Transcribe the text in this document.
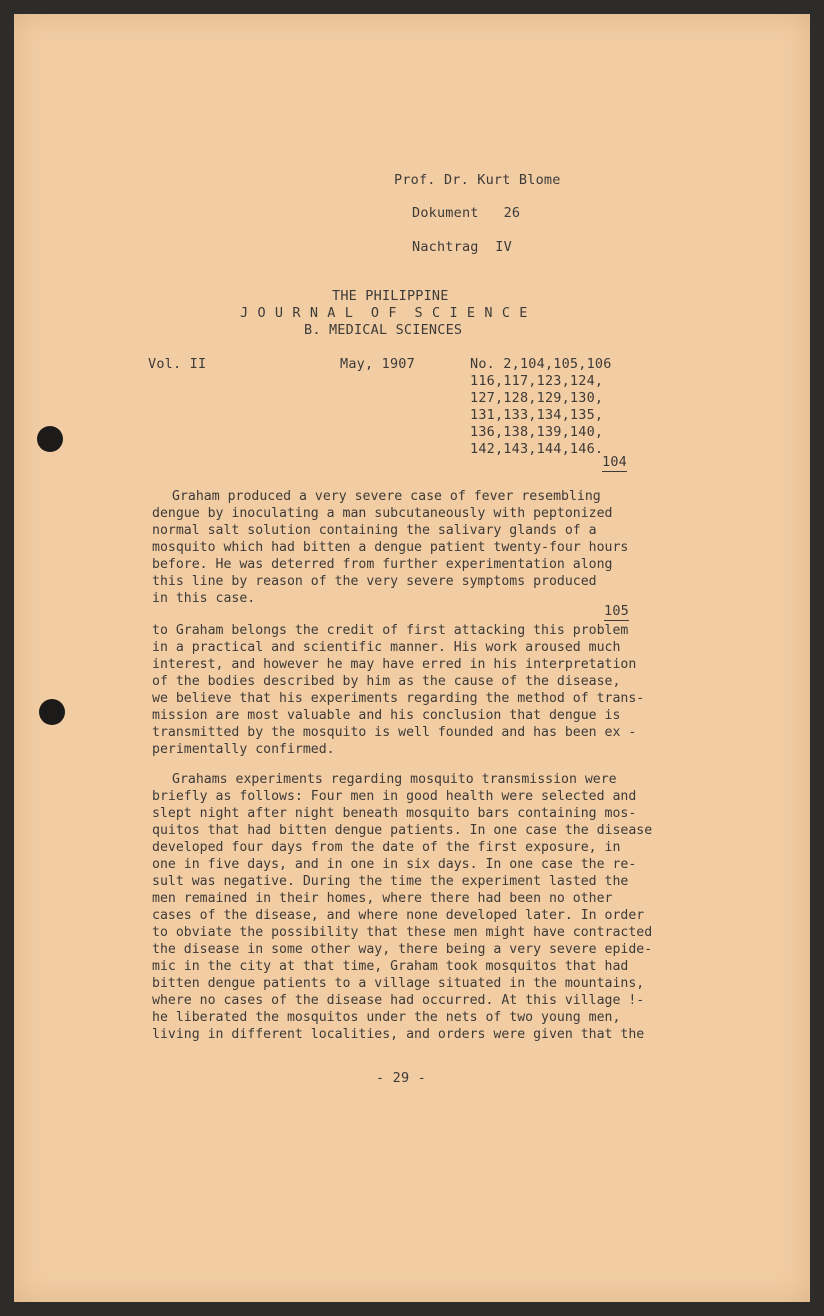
Prof. Dr. Kurt Blome
Dokument   26
Nachtrag  IV
THE PHILIPPINE
J O U R N A L  O F  S C I E N C E
B. MEDICAL SCIENCES
Vol. II	May, 1907	No. 2,104,105,106
116,117,123,124,
127,128,129,130,
131,133,134,135,
136,138,139,140,
142,143,144,146.
104
Graham produced a very severe case of fever resembling
dengue by inoculating a man subcutaneously with peptonized
normal salt solution containing the salivary glands of a
mosquito which had bitten a dengue patient twenty-four hours
before. He was deterred from further experimentation along
this line by reason of the very severe symptoms produced
in this case.
105
to Graham belongs the credit of first attacking this problem
in a practical and scientific manner. His work aroused much
interest, and however he may have erred in his interpretation
of the bodies described by him as the cause of the disease,
we believe that his experiments regarding the method of trans-
mission are most valuable and his conclusion that dengue is
transmitted by the mosquito is well founded and has been ex -
perimentally confirmed.
Grahams experiments regarding mosquito transmission were
briefly as follows: Four men in good health were selected and
slept night after night beneath mosquito bars containing mos-
quitos that had bitten dengue patients. In one case the disease
developed four days from the date of the first exposure, in
one in five days, and in one in six days. In one case the re-
sult was negative. During the time the experiment lasted the
men remained in their homes, where there had been no other
cases of the disease, and where none developed later. In order
to obviate the possibility that these men might have contracted
the disease in some other way, there being a very severe epide-
mic in the city at that time, Graham took mosquitos that had
bitten dengue patients to a village situated in the mountains,
where no cases of the disease had occurred. At this village !-
he liberated the mosquitos under the nets of two young men,
living in different localities, and orders were given that the
- 29 -
